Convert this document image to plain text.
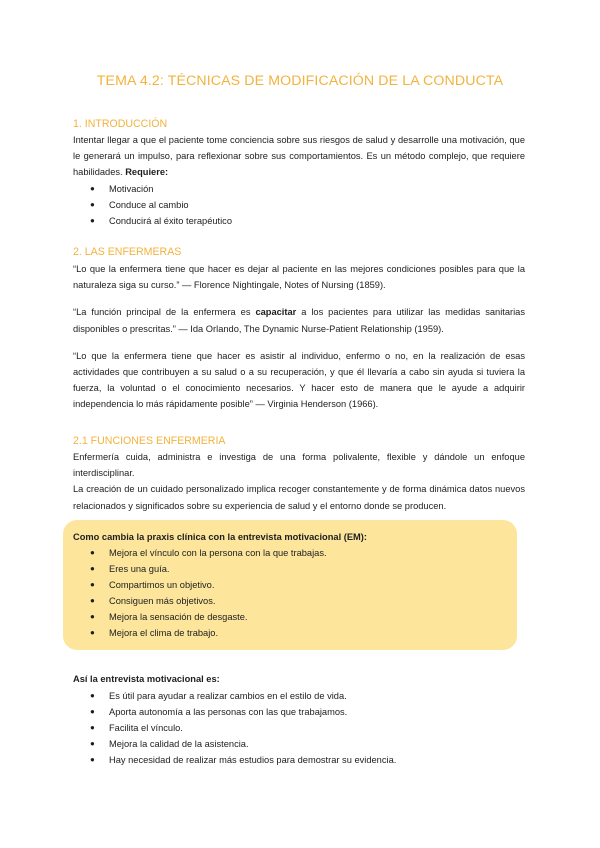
TEMA 4.2: TÉCNICAS DE MODIFICACIÓN DE LA CONDUCTA

1. INTRODUCCIÓN

Intentar llegar a que el paciente tome conciencia sobre sus riesgos de salud y desarrolle una motivación, que le generará un impulso, para reflexionar sobre sus comportamientos. Es un método complejo, que requiere habilidades. Requiere:

● Motivación
● Conduce al cambio
● Conducirá al éxito terapéutico

2. LAS ENFERMERAS

“Lo que la enfermera tiene que hacer es dejar al paciente en las mejores condiciones posibles para que la naturaleza siga su curso.” — Florence Nightingale, Notes of Nursing (1859).

“La función principal de la enfermera es capacitar a los pacientes para utilizar las medidas sanitarias disponibles o prescritas.” — Ida Orlando, The Dynamic Nurse-Patient Relationship (1959).

“Lo que la enfermera tiene que hacer es asistir al individuo, enfermo o no, en la realización de esas actividades que contribuyen a su salud o a su recuperación, y que él llevaría a cabo sin ayuda si tuviera la fuerza, la voluntad o el conocimiento necesarios. Y hacer esto de manera que le ayude a adquirir independencia lo más rápidamente posible” — Virginia Henderson (1966).

2.1 FUNCIONES ENFERMERIA

Enfermería cuida, administra e investiga de una forma polivalente, flexible y dándole un enfoque interdisciplinar.

La creación de un cuidado personalizado implica recoger constantemente y de forma dinámica datos nuevos relacionados y significados sobre su experiencia de salud y el entorno donde se producen.

Como cambia la praxis clínica con la entrevista motivacional (EM):

● Mejora el vínculo con la persona con la que trabajas.
● Eres una guía.
● Compartimos un objetivo.
● Consiguen más objetivos.
● Mejora la sensación de desgaste.
● Mejora el clima de trabajo.

Así la entrevista motivacional es:

● Es útil para ayudar a realizar cambios en el estilo de vida.
● Aporta autonomía a las personas con las que trabajamos.
● Facilita el vínculo.
● Mejora la calidad de la asistencia.
● Hay necesidad de realizar más estudios para demostrar su evidencia.
